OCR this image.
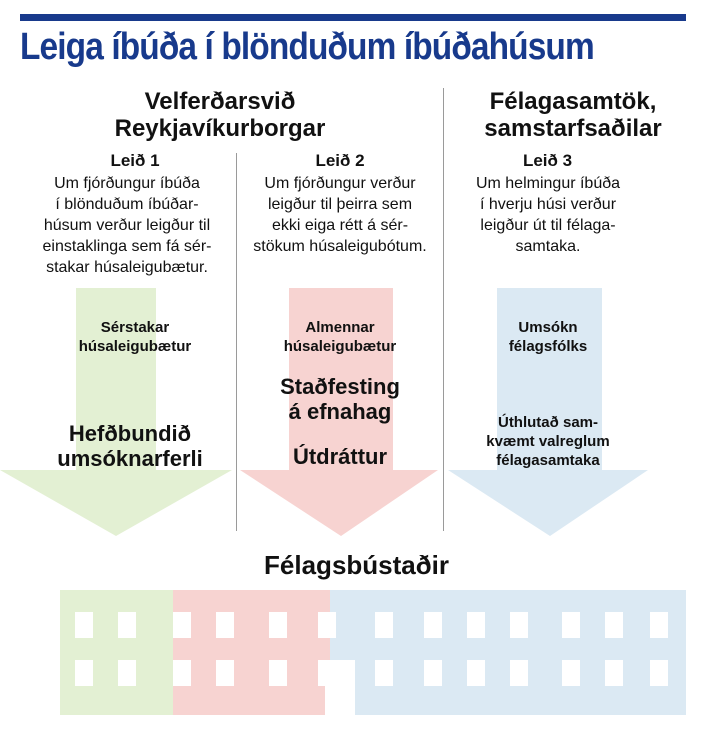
Leiga íbúða í blönduðum íbúðahúsum
Velferðarsvið
Reykjavíkurborgar
Félagasamtök,
samstarfsaðilar
Leið 1	Leið 2	Leið 3
Um fjórðungur íbúða
í blönduðum íbúðar-
húsum verður leigður til
einstaklinga sem fá sér-
stakar húsaleigubætur.
Um fjórðungur verður
leigður til þeirra sem
ekki eiga rétt á sér-
stökum húsaleigubótum.
Um helmingur íbúða
í hverju húsi verður
leigður út til félaga-
samtaka.
Sérstakar
húsaleigubætur
Hefðbundið
umsóknarferli
Almennar
húsaleigubætur
Staðfesting
á efnahag
Útdráttur
Umsókn
félagsfólks
Úthlutað sam-
kvæmt valreglum
félagasamtaka
Félagsbústaðir
